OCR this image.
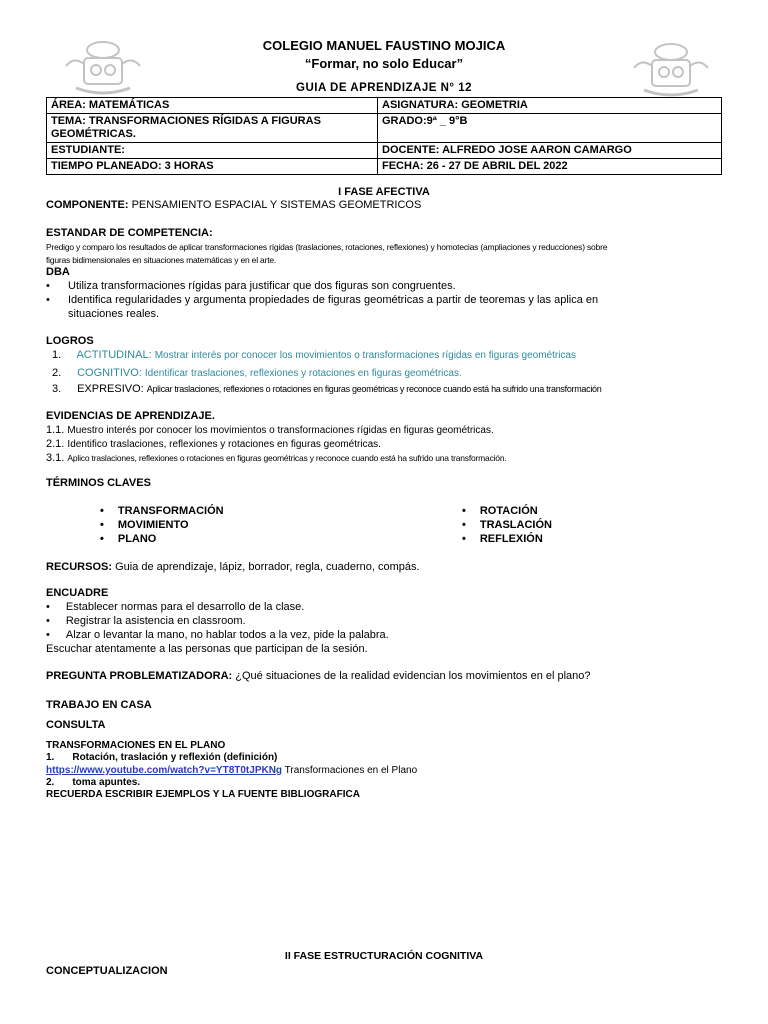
COLEGIO MANUEL FAUSTINO MOJICA
“Formar, no solo Educar”
GUIA DE APRENDIZAJE N° 12
ÁREA: MATEMÁTICAS	ASIGNATURA: GEOMETRIA
TEMA: TRANSFORMACIONES RÍGIDAS A FIGURAS GEOMÉTRICAS.	GRADO:9ª _ 9°B
ESTUDIANTE:	DOCENTE: ALFREDO JOSE AARON CAMARGO
TIEMPO PLANEADO: 3 HORAS	FECHA: 26 - 27 DE ABRIL DEL 2022
I FASE AFECTIVA
COMPONENTE: PENSAMIENTO ESPACIAL Y SISTEMAS GEOMETRICOS
ESTANDAR DE COMPETENCIA:
Predigo y comparo los resultados de aplicar transformaciones rígidas (traslaciones, rotaciones, reflexiones) y homotecias (ampliaciones y reducciones) sobre
figuras bidimensionales en situaciones matemáticas y en el arte.
DBA
• Utiliza transformaciones rígidas para justificar que dos figuras son congruentes.
• Identifica regularidades y argumenta propiedades de figuras geométricas a partir de teoremas y las aplica en
situaciones reales.
LOGROS
1. ACTITUDINAL: Mostrar interés por conocer los movimientos o transformaciones rígidas en figuras geométricas
2. COGNITIVO: Identificar traslaciones, reflexiones y rotaciones en figuras geométricas.
3. EXPRESIVO: Aplicar traslaciones, reflexiones o rotaciones en figuras geométricas y reconoce cuando está ha sufrido una transformación
EVIDENCIAS DE APRENDIZAJE.
1.1. Muestro interés por conocer los movimientos o transformaciones rígidas en figuras geométricas.
2.1. Identifico traslaciones, reflexiones y rotaciones en figuras geométricas.
3.1. Aplico traslaciones, reflexiones o rotaciones en figuras geométricas y reconoce cuando está ha sufrido una transformación.
TÉRMINOS CLAVES
• TRANSFORMACIÓN
• MOVIMIENTO
• PLANO
• ROTACIÓN
• TRASLACIÓN
• REFLEXIÓN
RECURSOS: Guia de aprendizaje, lápiz, borrador, regla, cuaderno, compás.
ENCUADRE
• Establecer normas para el desarrollo de la clase.
• Registrar la asistencia en classroom.
• Alzar o levantar la mano, no hablar todos a la vez, pide la palabra.
Escuchar atentamente a las personas que participan de la sesión.
PREGUNTA PROBLEMATIZADORA: ¿Qué situaciones de la realidad evidencian los movimientos en el plano?
TRABAJO EN CASA
CONSULTA
TRANSFORMACIONES EN EL PLANO
1. Rotación, traslación y reflexión (definición)
https://www.youtube.com/watch?v=YT8T0tJPKNg Transformaciones en el Plano
2. toma apuntes.
RECUERDA ESCRIBIR EJEMPLOS Y LA FUENTE BIBLIOGRAFICA
II FASE ESTRUCTURACIÓN COGNITIVA
CONCEPTUALIZACION
